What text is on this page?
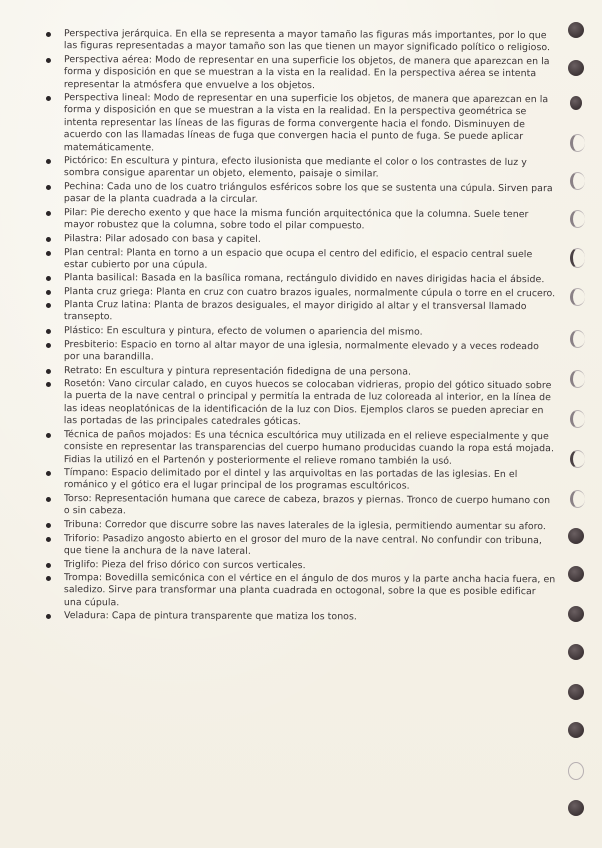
Perspectiva jerárquica. En ella se representa a mayor tamaño las figuras más importantes, por lo que las figuras representadas a mayor tamaño son las que tienen un mayor significado político o religioso.
Perspectiva aérea: Modo de representar en una superficie los objetos, de manera que aparezcan en la forma y disposición en que se muestran a la vista en la realidad. En la perspectiva aérea se intenta representar la atmósfera que envuelve a los objetos.
Perspectiva lineal: Modo de representar en una superficie los objetos, de manera que aparezcan en la forma y disposición en que se muestran a la vista en la realidad. En la perspectiva geométrica se intenta representar las líneas de las figuras de forma convergente hacia el fondo. Disminuyen de acuerdo con las llamadas líneas de fuga que convergen hacia el punto de fuga. Se puede aplicar matemáticamente.
Pictórico: En escultura y pintura, efecto ilusionista que mediante el color o los contrastes de luz y sombra consigue aparentar un objeto, elemento, paisaje o similar.
Pechina: Cada uno de los cuatro triángulos esféricos sobre los que se sustenta una cúpula. Sirven para pasar de la planta cuadrada a la circular.
Pilar: Pie derecho exento y que hace la misma función arquitectónica que la columna. Suele tener mayor robustez que la columna, sobre todo el pilar compuesto.
Pilastra: Pilar adosado con basa y capitel.
Plan central: Planta en torno a un espacio que ocupa el centro del edificio, el espacio central suele estar cubierto por una cúpula.
Planta basilical: Basada en la basílica romana, rectángulo dividido en naves dirigidas hacia el ábside.
Planta cruz griega: Planta en cruz con cuatro brazos iguales, normalmente cúpula o torre en el crucero.
Planta Cruz latina: Planta de brazos desiguales, el mayor dirigido al altar y el transversal llamado transepto.
Plástico: En escultura y pintura, efecto de volumen o apariencia del mismo.
Presbiterio: Espacio en torno al altar mayor de una iglesia, normalmente elevado y a veces rodeado por una barandilla.
Retrato: En escultura y pintura representación fidedigna de una persona.
Rosetón: Vano circular calado, en cuyos huecos se colocaban vidrieras, propio del gótico situado sobre la puerta de la nave central o principal y permitía la entrada de luz coloreada al interior, en la línea de las ideas neoplatónicas de la identificación de la luz con Dios. Ejemplos claros se pueden apreciar en las portadas de las principales catedrales góticas.
Técnica de paños mojados: Es una técnica escultórica muy utilizada en el relieve especialmente y que consiste en representar las transparencias del cuerpo humano producidas cuando la ropa está mojada. Fidias la utilizó en el Partenón y posteriormente el relieve romano también la usó.
Tímpano: Espacio delimitado por el dintel y las arquivoltas en las portadas de las iglesias. En el románico y el gótico era el lugar principal de los programas escultóricos.
Torso: Representación humana que carece de cabeza, brazos y piernas. Tronco de cuerpo humano con o sin cabeza.
Tribuna: Corredor que discurre sobre las naves laterales de la iglesia, permitiendo aumentar su aforo.
Triforio: Pasadizo angosto abierto en el grosor del muro de la nave central. No confundir con tribuna, que tiene la anchura de la nave lateral.
Triglifo: Pieza del friso dórico con surcos verticales.
Trompa: Bovedilla semicónica con el vértice en el ángulo de dos muros y la parte ancha hacia fuera, en saledizo. Sirve para transformar una planta cuadrada en octogonal, sobre la que es posible edificar una cúpula.
Veladura: Capa de pintura transparente que matiza los tonos.
